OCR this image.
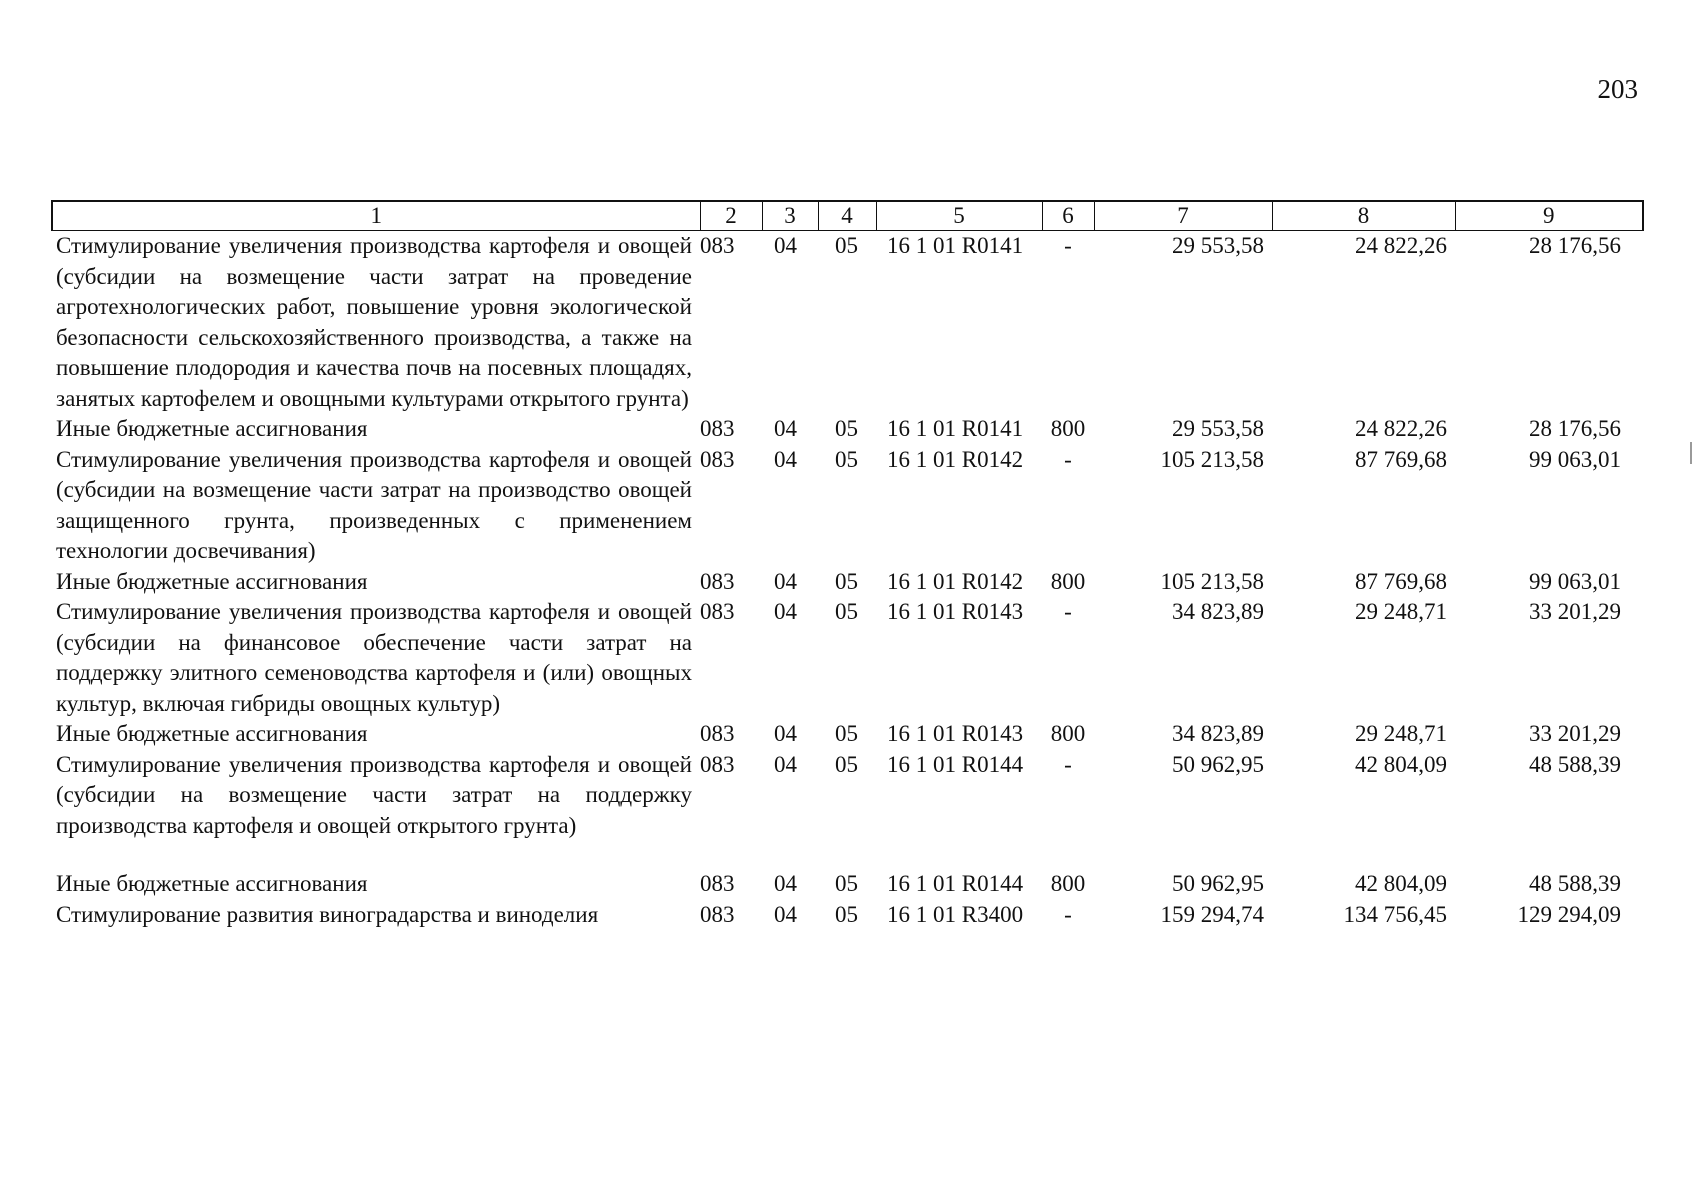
203
1	2	3	4	5	6	7	8	9
Стимулирование увеличения производства картофеля и овощей (субсидии на возмещение части затрат на проведение агротехнологических работ, повышение уровня экологической безопасности сельскохозяйственного производства, а также на повышение плодородия и качества почв на посевных площадях, занятых картофелем и овощными культурами открытого грунта)	083	04	05	16 1 01 R0141	-	29 553,58	24 822,26	28 176,56
Иные бюджетные ассигнования	083	04	05	16 1 01 R0141	800	29 553,58	24 822,26	28 176,56
Стимулирование увеличения производства картофеля и овощей (субсидии на возмещение части затрат на производство овощей защищенного грунта, произведенных с применением технологии досвечивания)	083	04	05	16 1 01 R0142	-	105 213,58	87 769,68	99 063,01
Иные бюджетные ассигнования	083	04	05	16 1 01 R0142	800	105 213,58	87 769,68	99 063,01
Стимулирование увеличения производства картофеля и овощей (субсидии на финансовое обеспечение части затрат на поддержку элитного семеноводства картофеля и (или) овощных культур, включая гибриды овощных культур)	083	04	05	16 1 01 R0143	-	34 823,89	29 248,71	33 201,29
Иные бюджетные ассигнования	083	04	05	16 1 01 R0143	800	34 823,89	29 248,71	33 201,29
Стимулирование увеличения производства картофеля и овощей (субсидии на возмещение части затрат на поддержку производства картофеля и овощей открытого грунта)	083	04	05	16 1 01 R0144	-	50 962,95	42 804,09	48 588,39

Иные бюджетные ассигнования	083	04	05	16 1 01 R0144	800	50 962,95	42 804,09	48 588,39
Стимулирование развития виноградарства и виноделия	083	04	05	16 1 01 R3400	-	159 294,74	134 756,45	129 294,09
